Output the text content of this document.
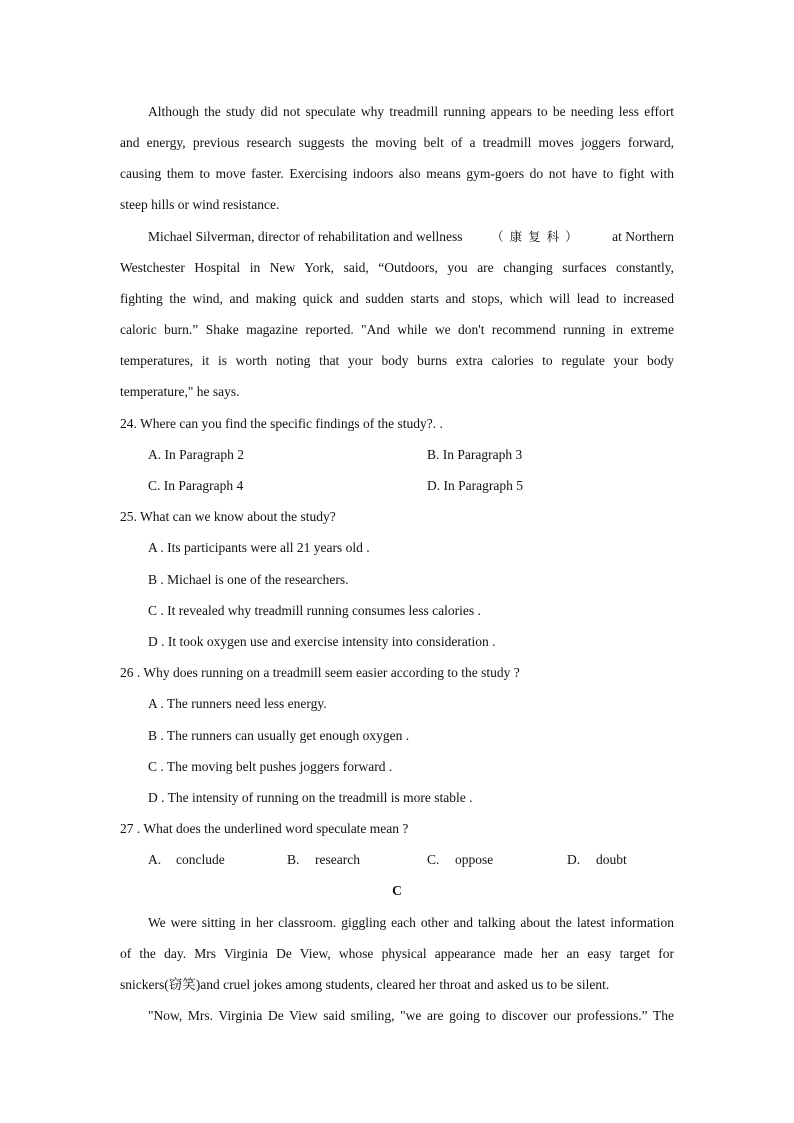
Although the study did not speculate why treadmill running appears to be needing less effort
and energy, previous research suggests the moving belt of a treadmill moves joggers forward,
causing them to move faster. Exercising indoors also means gym-goers do not have to fight with
steep hills or wind resistance.
Michael Silverman, director of rehabilitation and wellness （康复科） at Northern
Westchester Hospital in New York, said, “Outdoors, you are changing surfaces constantly,
fighting the wind, and making quick and sudden starts and stops, which will lead to increased
caloric burn.” Shake magazine reported. "And while we don't recommend running in extreme
temperatures, it is worth noting that your body burns extra calories to regulate your body
temperature," he says.
24. Where can you find the specific findings of the study?. .
A. In Paragraph 2	B. In Paragraph 3
C. In Paragraph 4	D. In Paragraph 5
25. What can we know about the study?
A . Its participants were all 21 years old .
B . Michael is one of the researchers.
C . It revealed why treadmill running consumes less calories .
D . It took oxygen use and exercise intensity into consideration .
26 . Why does running on a treadmill seem easier according to the study ?
A . The runners need less energy.
B . The runners can usually get enough oxygen .
C . The moving belt pushes joggers forward .
D . The intensity of running on the treadmill is more stable .
27 . What does the underlined word speculate mean ?
A. conclude	B. research	C. oppose	D. doubt
C
We were sitting in her classroom. giggling each other and talking about the latest information
of the day. Mrs Virginia De View, whose physical appearance made her an easy target for
snickers(窃笑)and cruel jokes among students, cleared her throat and asked us to be silent.
"Now, Mrs. Virginia De View said smiling, "we are going to discover our professions.” The
